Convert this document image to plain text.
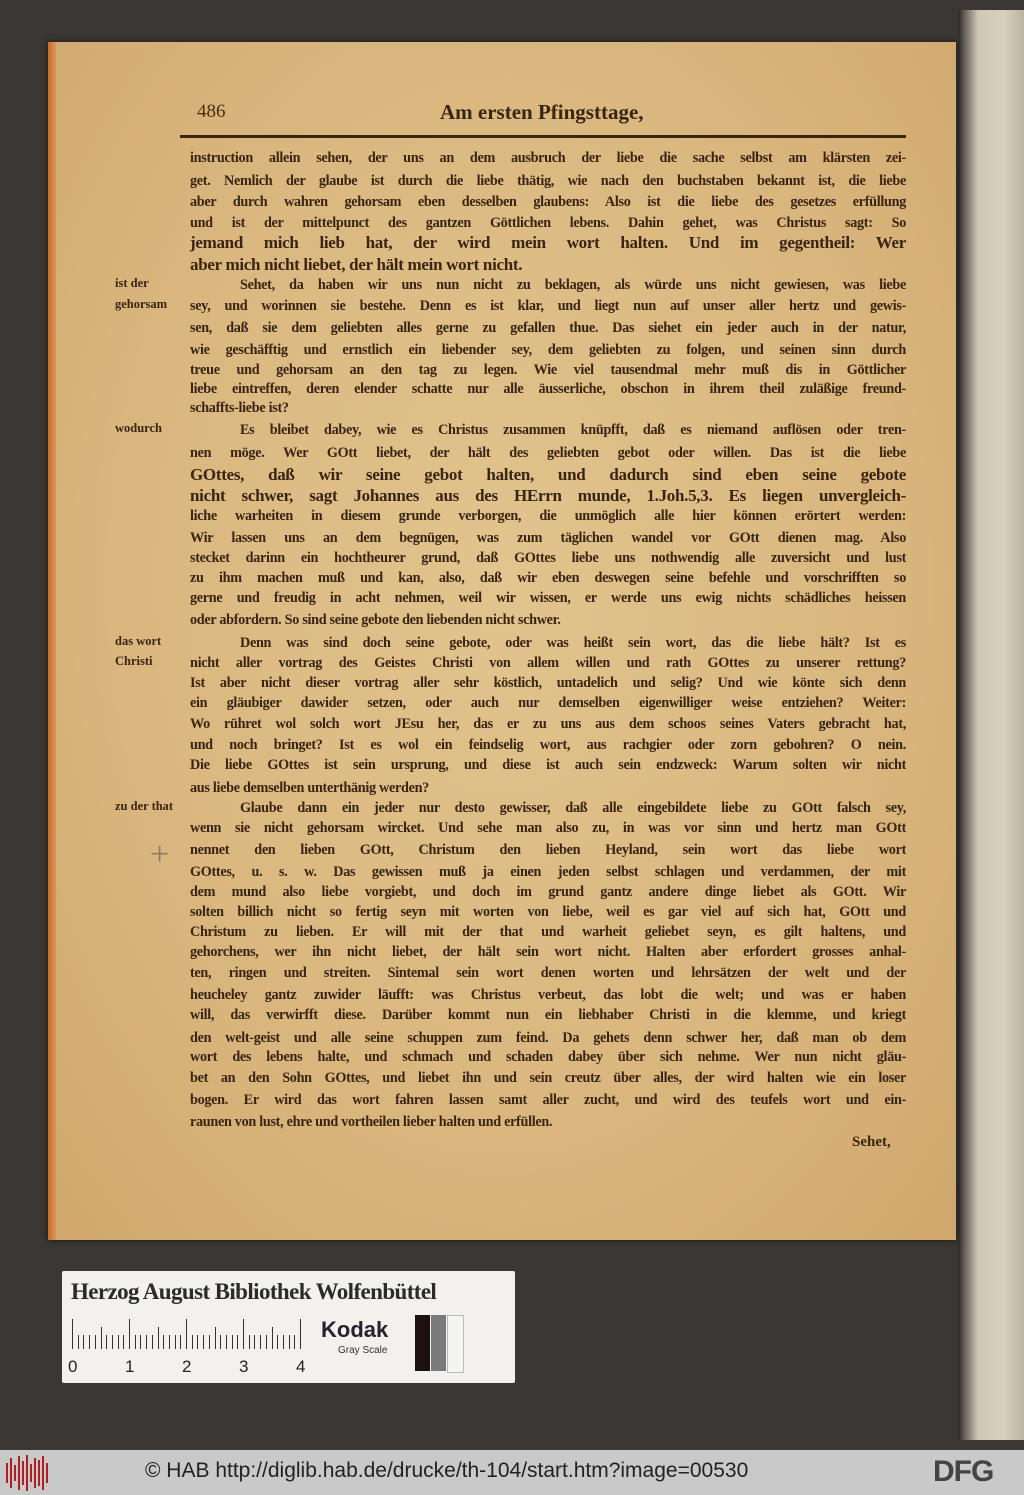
486	Am ersten Pfingsttage,
instruction allein sehen, der uns an dem ausbruch der liebe die sache selbst am klärsten zei-
get. Nemlich der glaube ist durch die liebe thätig, wie nach den buchstaben bekannt ist, die liebe
aber durch wahren gehorsam eben desselben glaubens: Also ist die liebe des gesetzes erfüllung
und ist der mittelpunct des gantzen Göttlichen lebens. Dahin gehet, was Christus sagt: So
jemand mich lieb hat, der wird mein wort halten. Und im gegentheil: Wer
aber mich nicht liebet, der hält mein wort nicht.
Sehet, da haben wir uns nun nicht zu beklagen, als würde uns nicht gewiesen, was liebe
sey, und worinnen sie bestehe. Denn es ist klar, und liegt nun auf unser aller hertz und gewis-
sen, daß sie dem geliebten alles gerne zu gefallen thue. Das siehet ein jeder auch in der natur,
wie geschäfftig und ernstlich ein liebender sey, dem geliebten zu folgen, und seinen sinn durch
treue und gehorsam an den tag zu legen. Wie viel tausendmal mehr muß dis in Göttlicher
liebe eintreffen, deren elender schatte nur alle äusserliche, obschon in ihrem theil zuläßige freund-
schaffts-liebe ist?
Es bleibet dabey, wie es Christus zusammen knüpfft, daß es niemand auflösen oder tren-
nen möge. Wer GOtt liebet, der hält des geliebten gebot oder willen. Das ist die liebe
GOttes, daß wir seine gebot halten, und dadurch sind eben seine gebote
nicht schwer, sagt Johannes aus des HErrn munde, 1.Joh.5,3. Es liegen unvergleich-
liche warheiten in diesem grunde verborgen, die unmöglich alle hier können erörtert werden:
Wir lassen uns an dem begnügen, was zum täglichen wandel vor GOtt dienen mag. Also
stecket darinn ein hochtheurer grund, daß GOttes liebe uns nothwendig alle zuversicht und lust
zu ihm machen muß und kan, also, daß wir eben deswegen seine befehle und vorschrifften so
gerne und freudig in acht nehmen, weil wir wissen, er werde uns ewig nichts schädliches heissen
oder abfordern. So sind seine gebote den liebenden nicht schwer.
Denn was sind doch seine gebote, oder was heißt sein wort, das die liebe hält? Ist es
nicht aller vortrag des Geistes Christi von allem willen und rath GOttes zu unserer rettung?
Ist aber nicht dieser vortrag aller sehr köstlich, untadelich und selig? Und wie könte sich denn
ein gläubiger dawider setzen, oder auch nur demselben eigenwilliger weise entziehen? Weiter:
Wo rühret wol solch wort JEsu her, das er zu uns aus dem schoos seines Vaters gebracht hat,
und noch bringet? Ist es wol ein feindselig wort, aus rachgier oder zorn gebohren? O nein.
Die liebe GOttes ist sein ursprung, und diese ist auch sein endzweck: Warum solten wir nicht
aus liebe demselben unterthänig werden?
Glaube dann ein jeder nur desto gewisser, daß alle eingebildete liebe zu GOtt falsch sey,
wenn sie nicht gehorsam wircket. Und sehe man also zu, in was vor sinn und hertz man GOtt
nennet den lieben GOtt, Christum den lieben Heyland, sein wort das liebe wort
GOttes, u. s. w. Das gewissen muß ja einen jeden selbst schlagen und verdammen, der mit
dem mund also liebe vorgiebt, und doch im grund gantz andere dinge liebet als GOtt. Wir
solten billich nicht so fertig seyn mit worten von liebe, weil es gar viel auf sich hat, GOtt und
Christum zu lieben. Er will mit der that und warheit geliebet seyn, es gilt haltens, und
gehorchens, wer ihn nicht liebet, der hält sein wort nicht. Halten aber erfordert grosses anhal-
ten, ringen und streiten. Sintemal sein wort denen worten und lehrsätzen der welt und der
heucheley gantz zuwider läufft: was Christus verbeut, das lobt die welt; und was er haben
will, das verwirfft diese. Darüber kommt nun ein liebhaber Christi in die klemme, und kriegt
den welt-geist und alle seine schuppen zum feind. Da gehets denn schwer her, daß man ob dem
wort des lebens halte, und schmach und schaden dabey über sich nehme. Wer nun nicht gläu-
bet an den Sohn GOttes, und liebet ihn und sein creutz über alles, der wird halten wie ein loser
bogen. Er wird das wort fahren lassen samt aller zucht, und wird des teufels wort und ein-
raunen von lust, ehre und vortheilen lieber halten und erfüllen.
ist der
gehorsam
wodurch
das wort
Christi
zu der that
+
Sehet,
Herzog August Bibliothek Wolfenbüttel
0	1	2	3	4
Kodak
Gray Scale
© HAB http://diglib.hab.de/drucke/th-104/start.htm?image=00530	DFG
